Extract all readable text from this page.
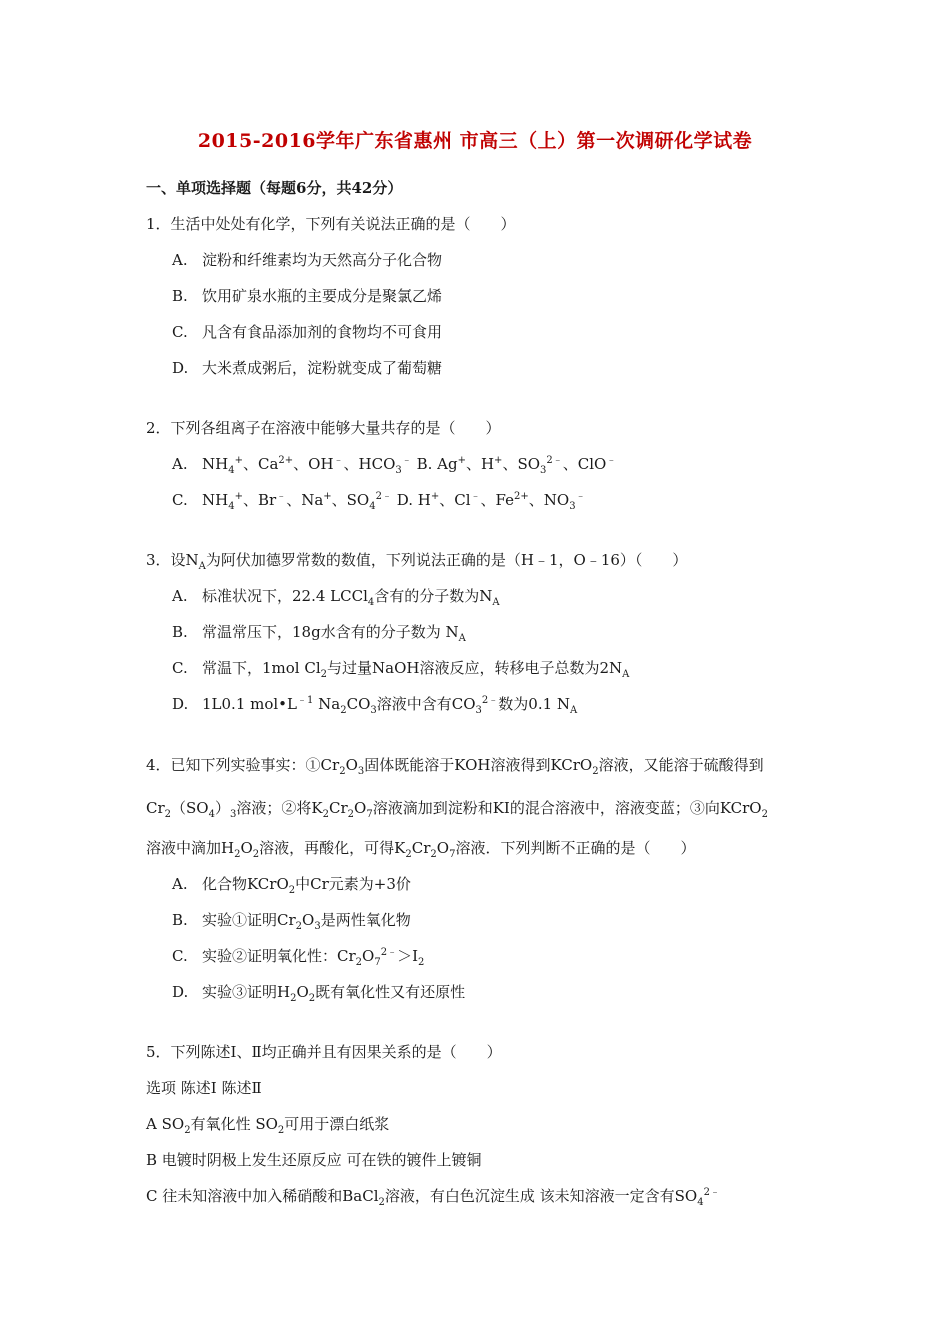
2015-2016学年广东省惠州 市高三（上）第一次调研化学试卷
一、单项选择题（每题6分，共42分）
1．生活中处处有化学，下列有关说法正确的是（　　）
A. 淀粉和纤维素均为天然高分子化合物
B. 饮用矿泉水瓶的主要成分是聚氯乙烯
C. 凡含有食品添加剂的食物均不可食用
D. 大米煮成粥后，淀粉就变成了葡萄糖
2．下列各组离子在溶液中能够大量共存的是（　　）
A. $NH_4^+$、$Ca^{2+}$、OH﹣、$HCO_3^﹣$ B. Ag+、H+、$SO_3^{2﹣}$、ClO﹣
C. $NH_4^+$、Br﹣、Na+、$SO_4^{2﹣}$ D. H+、Cl﹣、$Fe^{2+}$、$NO_3^﹣$
3．设$N_A$为阿伏加德罗常数的数值，下列说法正确的是（H﹣1，O﹣16）（　　）
A. 标准状况下，22.4 LCCl$_4$含有的分子数为$N_A$
B. 常温常压下，18g水含有的分子数为 $N_A$
C. 常温下，1mol $Cl_2$与过量NaOH溶液反应，转移电子总数为$2N_A$
D. 1L0.1 $mol•L^{﹣1}$ $Na_2CO_3$溶液中含有$CO_3^{2﹣}$数为0.1 $N_A$
4．已知下列实验事实：$①Cr_2O_3$固体既能溶于KOH溶液得到KCrO$_2$溶液，又能溶于硫酸得到
$Cr_2(SO_4)_3$溶液；②将$K_2Cr_2O_7$溶液滴加到淀粉和KI的混合溶液中，溶液变蓝；③向KCrO$_2$
溶液中滴加$H_2O_2$溶液，再酸化，可得$K_2Cr_2O_7$溶液．下列判断不正确的是（　　）
A. 化合物KCrO$_2$中Cr元素为+3价
B. 实验①证明$Cr_2O_3$是两性氧化物
C. 实验②证明氧化性：$Cr_2O_7^{2﹣}>I_2$
D. 实验③证明$H_2O_2$既有氧化性又有还原性
5．下列陈述Ⅰ、Ⅱ均正确并且有因果关系的是（　　）
选项 陈述Ⅰ 陈述Ⅱ
A $SO_2$有氧化性 $SO_2$可用于漂白纸浆
B 电镀时阴极上发生还原反应 可在铁的镀件上镀铜
C 往未知溶液中加入稀硝酸和BaCl$_2$溶液，有白色沉淀生成 该未知溶液一定含有$SO_4^{2﹣}$
